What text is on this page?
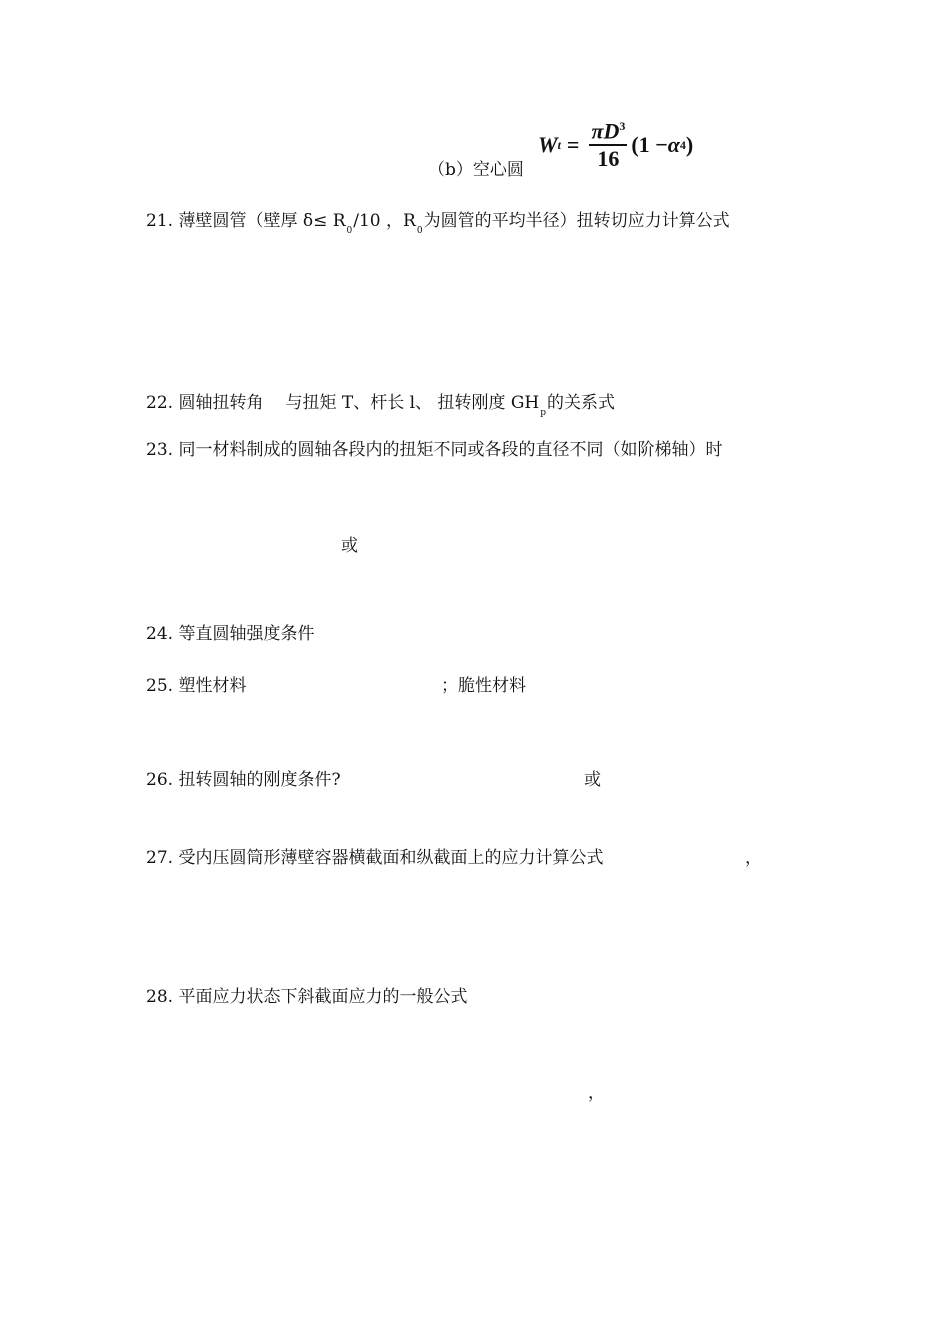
W $t = \frac{\pi D^3}{16} (1 - \alpha$ 4 )
（b）空心圆
21. 薄壁圆管（壁厚 $\delta\le R_0/10$ ，$R_0$为圆管的平均半径）扭转切应力计算公式
22. 圆轴扭转角 与扭矩 T、杆长 l、 扭转刚度 $GH_p$的关系式
23. 同一材料制成的圆轴各段内的扭矩不同或各段的直径不同（如阶梯轴）时
或
24. 等直圆轴强度条件
25. 塑性材料	；脆性材料
26. 扭转圆轴的刚度条件?	或
27. 受内压圆筒形薄壁容器横截面和纵截面上的应力计算公式	，
28. 平面应力状态下斜截面应力的一般公式
，
